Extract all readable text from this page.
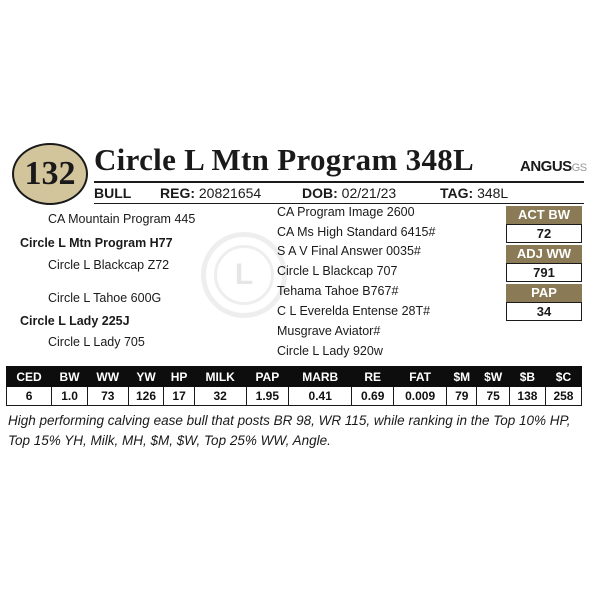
132 Circle L Mtn Program 348L	ANGUSGS
BULL REG: 20821654	DOB: 02/21/23	TAG: 348L
L
CA Mountain Program 445
Circle L Mtn Program H77
Circle L Blackcap Z72
Circle L Tahoe 600G
Circle L Lady 225J
Circle L Lady 705
CA Program Image 2600
CA Ms High Standard 6415#
S A V Final Answer 0035#
Circle L Blackcap 707
Tehama Tahoe B767#
C L Everelda Entense 28T#
Musgrave Aviator#
Circle L Lady 920w
ACT BW
72
ADJ WW
791
PAP
34
CED	BW	WW	YW	HP	MILK	PAP	MARB	RE	FAT	$M	$W	$B	$C
6	1.0	73	126	17	32	1.95	0.41	0.69	0.009	79	75	138	258
High performing calving ease bull that posts BR 98, WR 115, while ranking in the Top 10% HP, Top 15% YH, Milk, MH, $M, $W, Top 25% WW, Angle.
